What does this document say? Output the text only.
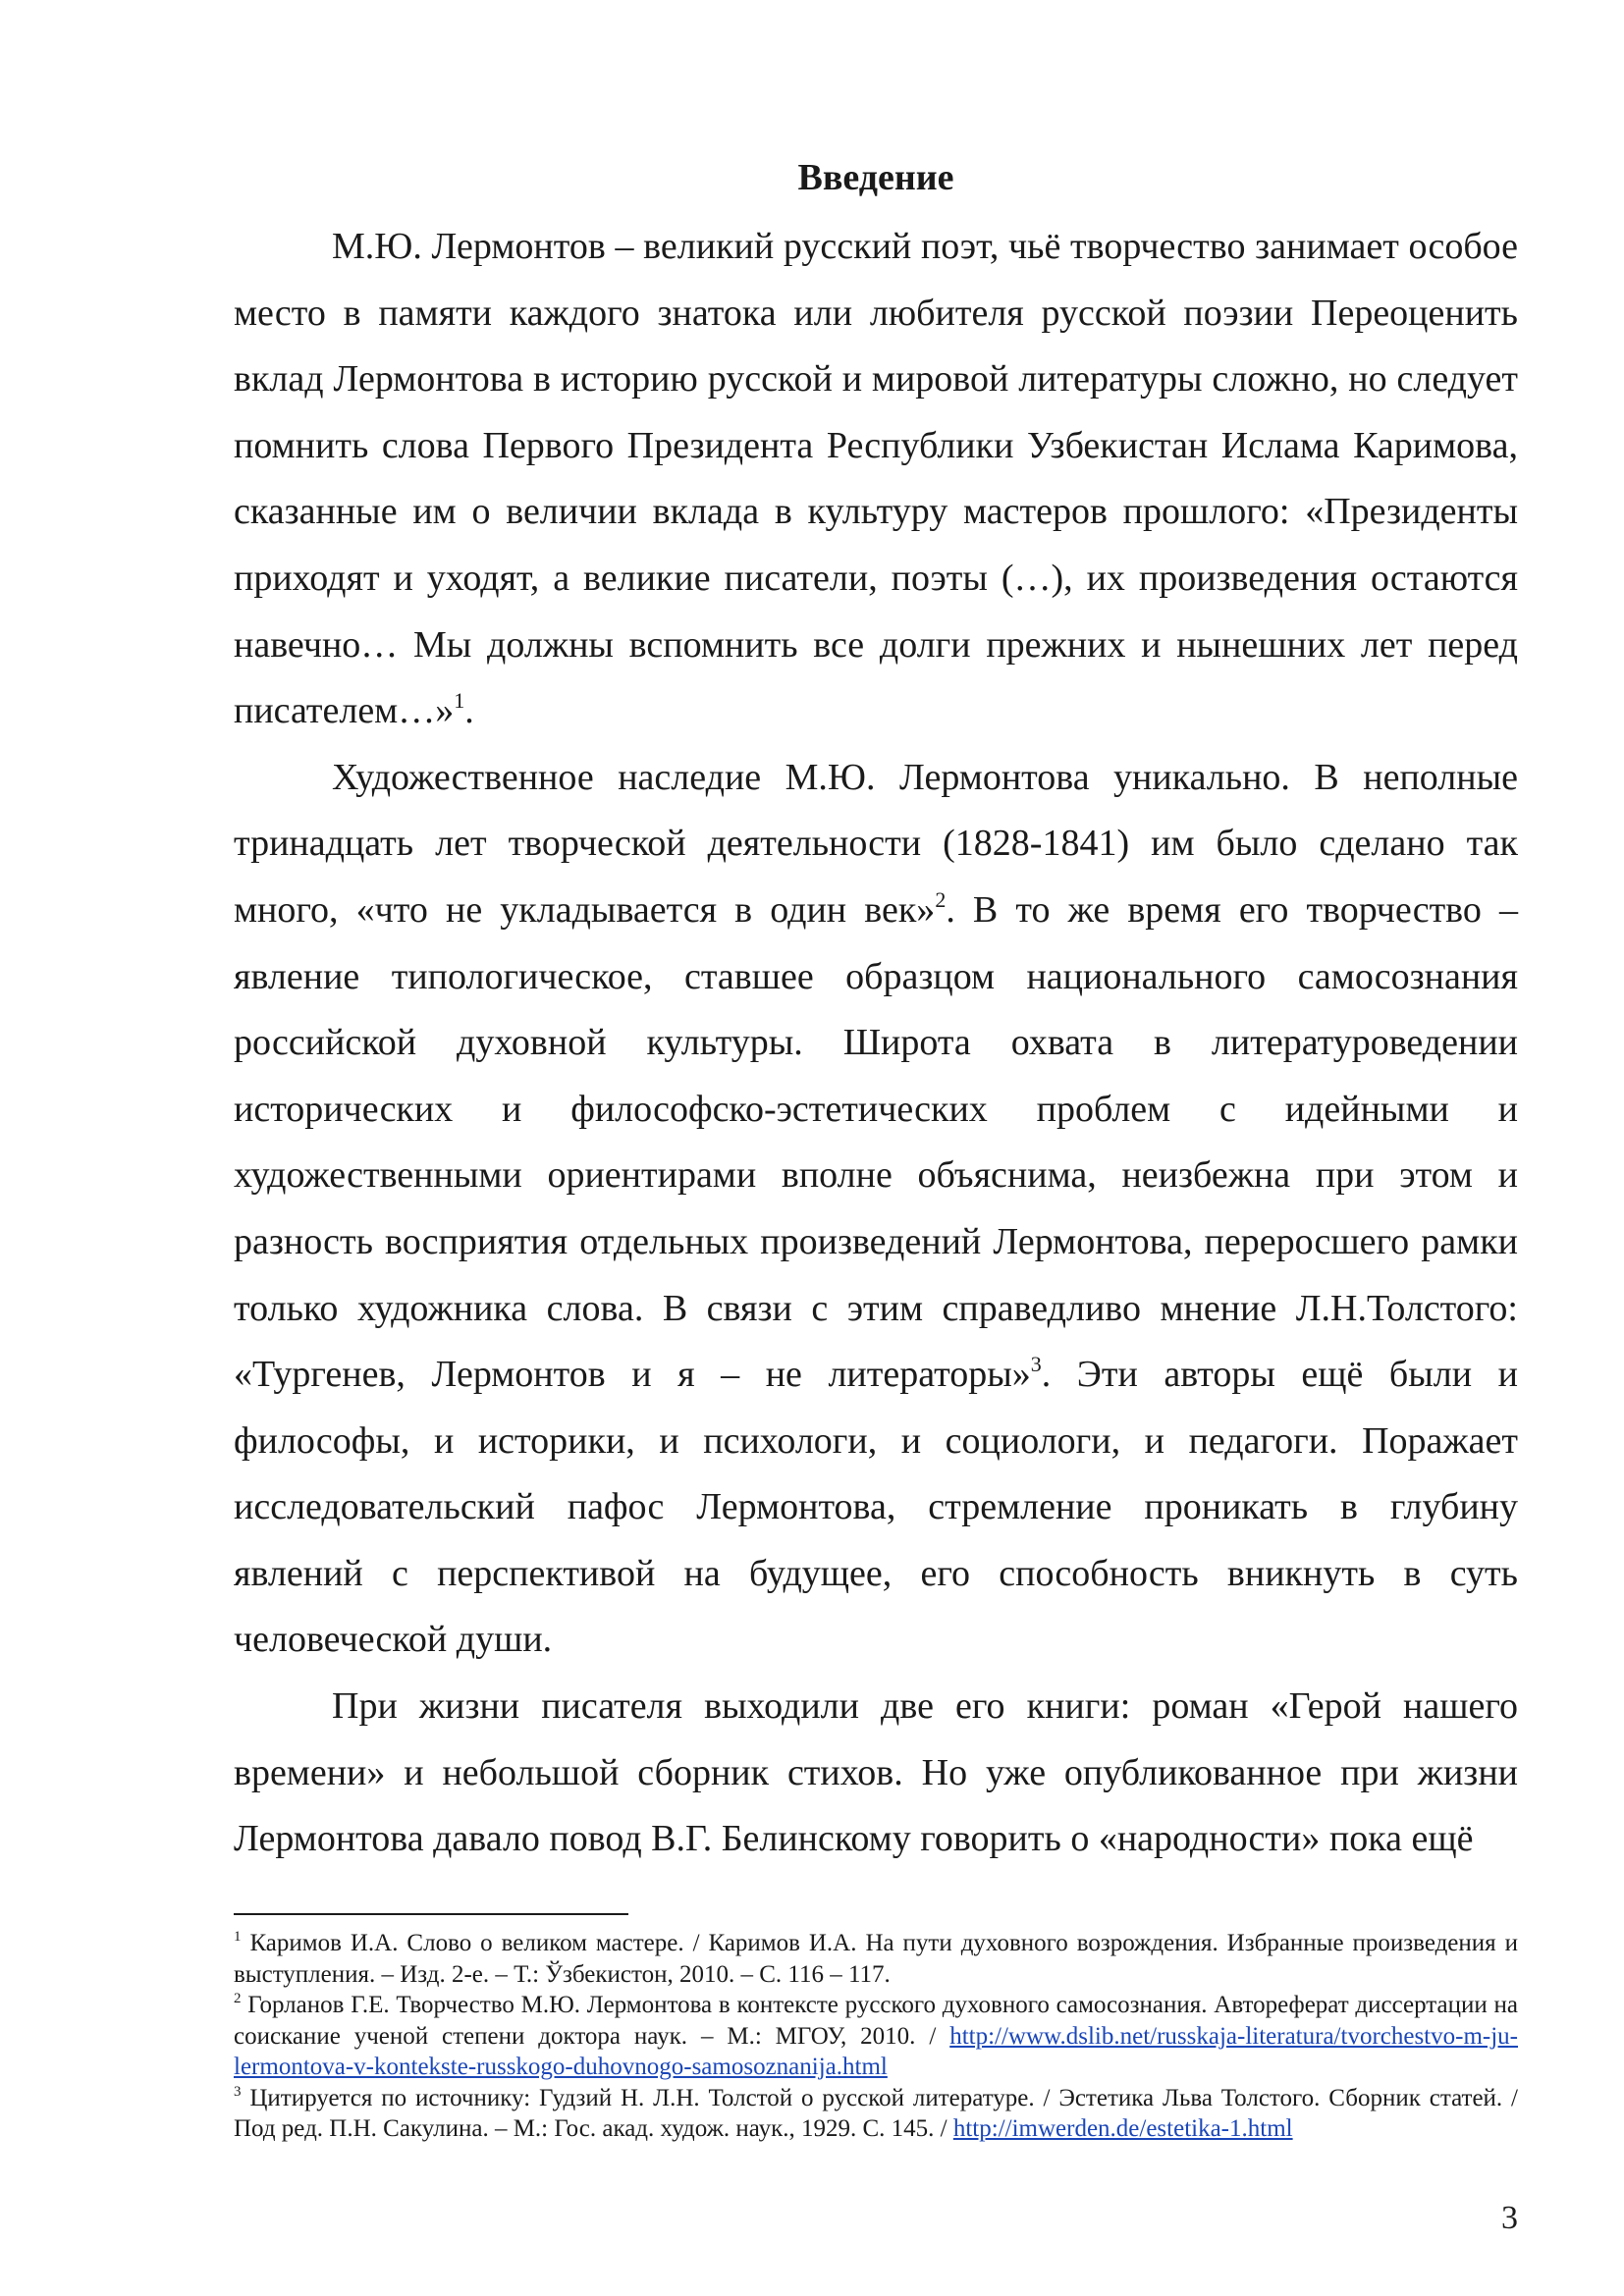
Введение

М.Ю. Лермонтов – великий русский поэт, чьё творчество занимает особое место в памяти каждого знатока или любителя русской поэзии Переоценить вклад Лермонтова в историю русской и мировой литературы сложно, но следует помнить слова Первого Президента Республики Узбекистан Ислама Каримова, сказанные им о величии вклада в культуру мастеров прошлого: «Президенты приходят и уходят, а великие писатели, поэты (…), их произведения остаются навечно… Мы должны вспомнить все долги прежних и нынешних лет перед писателем…»$^1$.

Художественное наследие М.Ю. Лермонтова уникально. В неполные тринадцать лет творческой деятельности (1828-1841) им было сделано так много, «что не укладывается в один век»$^2$. В то же время его творчество – явление типологическое, ставшее образцом национального самосознания российской духовной культуры. Широта охвата в литературоведении исторических и философско-эстетических проблем с идейными и художественными ориентирами вполне объяснима, неизбежна при этом и разность восприятия отдельных произведений Лермонтова, переросшего рамки только художника слова. В связи с этим справедливо мнение Л.Н.Толстого: «Тургенев, Лермонтов и я – не литераторы»$^3$. Эти авторы ещё были и философы, и историки, и психологи, и социологи, и педагоги. Поражает исследовательский пафос Лермонтова, стремление проникать в глубину явлений с перспективой на будущее, его способность вникнуть в суть человеческой души.

При жизни писателя выходили две его книги: роман «Герой нашего времени» и небольшой сборник стихов. Но уже опубликованное при жизни Лермонтова давало повод В.Г. Белинскому говорить о «народности» пока ещё

$^1$ Каримов И.А. Слово о великом мастере. / Каримов И.А. На пути духовного возрождения. Избранные произведения и выступления. – Изд. 2-е. – Т.: Ўзбекистон, 2010. – С. 116 – 117.

$^2$ Горланов Г.Е. Творчество М.Ю. Лермонтова в контексте русского духовного самосознания. Автореферат диссертации на соискание ученой степени доктора наук. – М.: МГОУ, 2010. / http://www.dslib.net/russkaja-literatura/tvorchestvo-m-ju-lermontova-v-kontekste-russkogo-duhovnogo-samosoznanija.html

$^3$ Цитируется по источнику: Гудзий Н. Л.Н. Толстой о русской литературе. / Эстетика Льва Толстого. Сборник статей. / Под ред. П.Н. Сакулина. – М.: Гос. акад. худож. наук., 1929. С. 145. / http://imwerden.de/estetika-1.html

3
